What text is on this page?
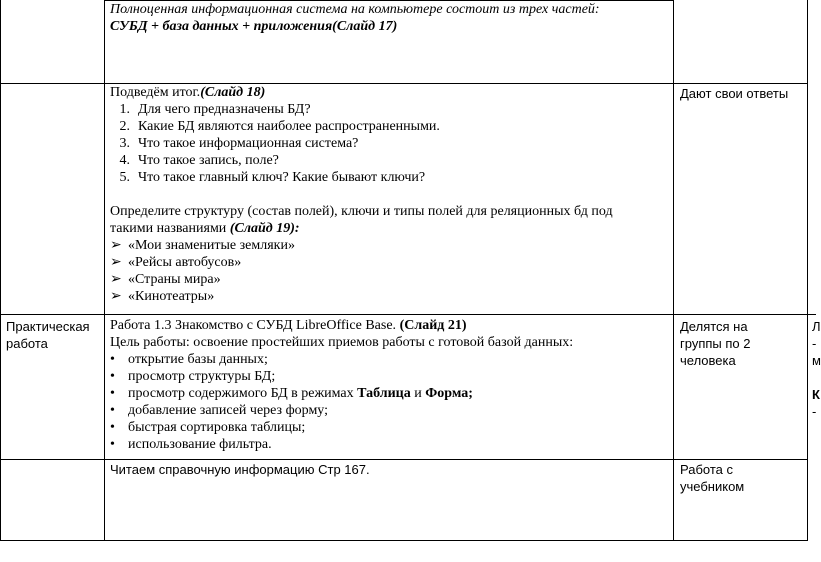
Полноценная информационная система на компьютере состоит из трех частей:
СУБД + база данных + приложения(Слайд 17)
Подведём итог.(Слайд 18)
1. Для чего предназначены БД?
2. Какие БД являются наиболее распространенными.
3. Что такое информационная система?
4. Что такое запись, поле?
5. Что такое главный ключ? Какие бывают ключи?
Определите структуру (состав полей), ключи и типы полей для реляционных бд под
такими названиями (Слайд 19):
➢ «Мои знаменитые земляки»
➢ «Рейсы автобусов»
➢ «Страны мира»
➢ «Кинотеатры»
Дают свои ответы
Практическая
работа
Работа 1.3 Знакомство с СУБД LibreOffice Base. (Слайд 21)
Цель работы: освоение простейших приемов работы с готовой базой данных:
• открытие базы данных;
• просмотр структуры БД;
• просмотр содержимого БД в режимах Таблица и Форма;
• добавление записей через форму;
• быстрая сортировка таблицы;
• использование фильтра.
Делятся на
группы по 2
человека
Л
-
м
К
-
Читаем справочную информацию Стр 167.	Работа с
учебником
